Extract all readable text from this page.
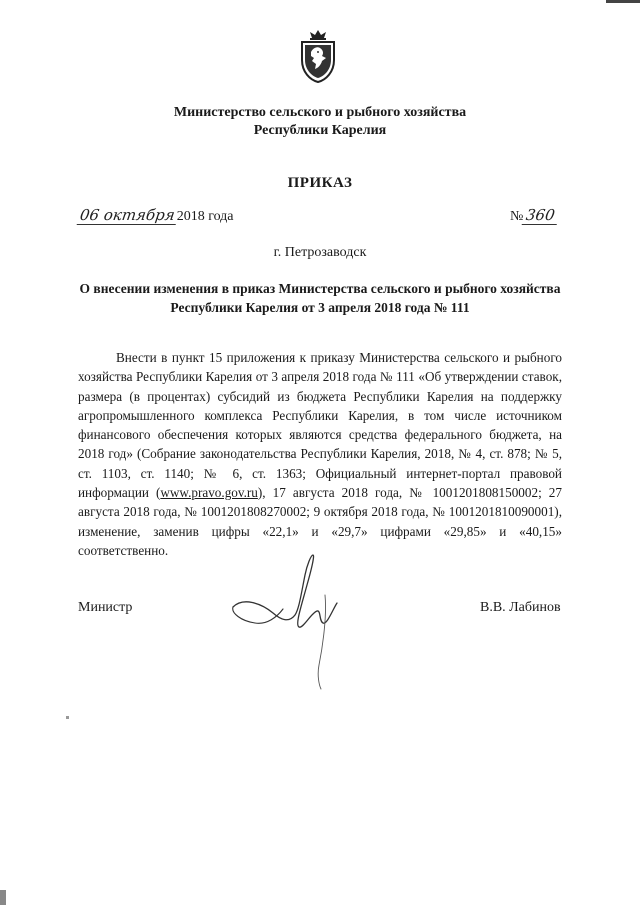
Министерство сельского и рыбного хозяйства
Республики Карелия
ПРИКАЗ
06 октября2018 года	№ 360
г. Петрозаводск
О внесении изменения в приказ Министерства сельского и рыбного хозяйства
Республики Карелия от 3 апреля 2018 года № 111

Внести в пункт 15 приложения к приказу Министерства сельского и рыбного хозяйства Республики Карелия от 3 апреля 2018 года № 111 «Об утверждении ставок, размера (в процентах) субсидий из бюджета Республики Карелия на поддержку агропромышленного комплекса Республики Карелия, в том числе источником финансового обеспечения которых являются средства федерального бюджета, на 2018 год» (Собрание законодательства Республики Карелия, 2018, № 4, ст. 878; № 5, ст. 1103, ст. 1140; № 6, ст. 1363; Официальный интернет-портал правовой информации (www.pravo.gov.ru), 17 августа 2018 года, № 1001201808150002; 27 августа 2018 года, № 1001201808270002; 9 октября 2018 года, № 1001201810090001), изменение, заменив цифры «22,1» и «29,7» цифрами «29,85» и «40,15» соответственно.

Министр	В.В. Лабинов
